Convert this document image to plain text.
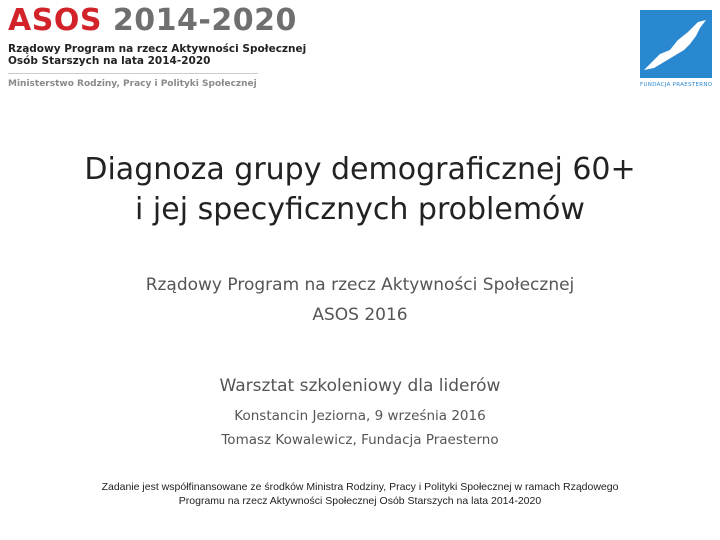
ASOS 2014-2020
Rządowy Program na rzecz Aktywności Społecznej
Osób Starszych na lata 2014-2020
Ministerstwo Rodziny, Pracy i Polityki Społecznej	FUNDACJA PRAESTERNO
Diagnoza grupy demograficznej 60+
i jej specyficznych problemów
Rządowy Program na rzecz Aktywności Społecznej
ASOS 2016
Warsztat szkoleniowy dla liderów
Konstancin Jeziorna, 9 września 2016
Tomasz Kowalewicz, Fundacja Praesterno
Zadanie jest współfinansowane ze środków Ministra Rodziny, Pracy i Polityki Społecznej w ramach Rządowego
Programu na rzecz Aktywności Społecznej Osób Starszych na lata 2014-2020
